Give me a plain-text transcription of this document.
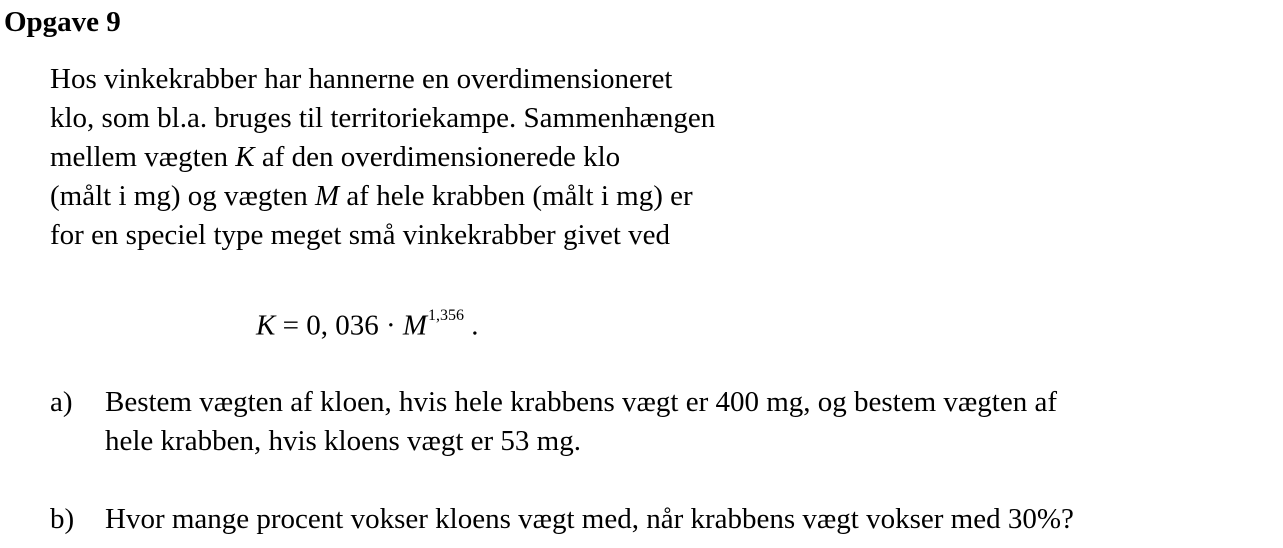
Opgave 9
Hos vinkekrabber har hannerne en overdimensioneret
klo, som bl.a. bruges til territoriekampe. Sammenhængen
mellem vægten K af den overdimensionerede klo
(målt i mg) og vægten M af hele krabben (målt i mg) er
for en speciel type meget små vinkekrabber givet ved
K = 0, 036 · M$^{1,356}$ .
a) Bestem vægten af kloen, hvis hele krabbens vægt er 400 mg, og bestem vægten af
hele krabben, hvis kloens vægt er 53 mg.
b) Hvor mange procent vokser kloens vægt med, når krabbens vægt vokser med 30%?
